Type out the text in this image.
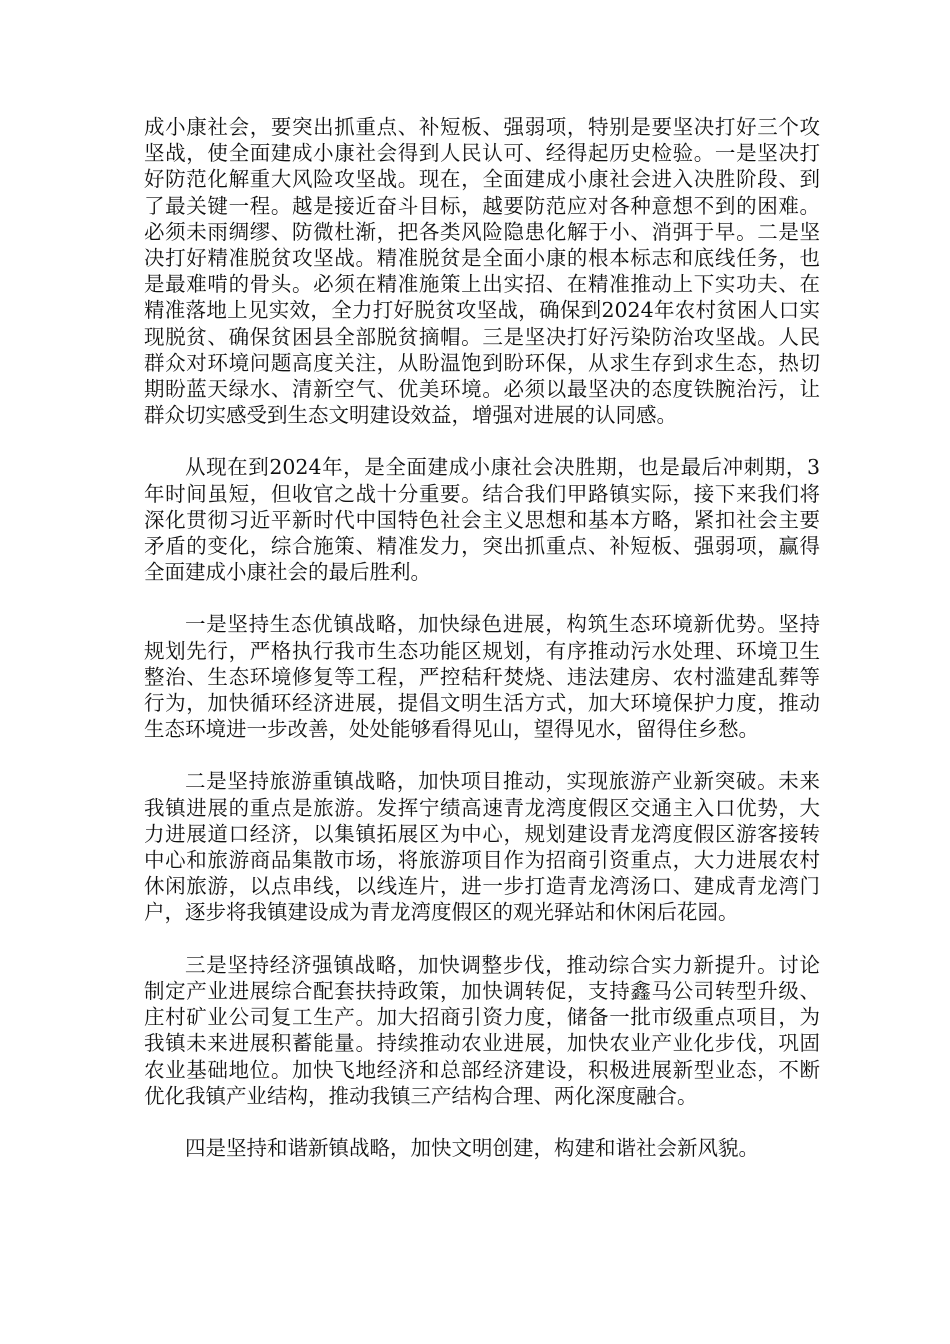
成小康社会，要突出抓重点、补短板、强弱项，特别是要坚决打好三个攻坚战，使全面建成小康社会得到人民认可、经得起历史检验。一是坚决打好防范化解重大风险攻坚战。现在，全面建成小康社会进入决胜阶段、到了最关键一程。越是接近奋斗目标，越要防范应对各种意想不到的困难。必须未雨绸缪、防微杜渐，把各类风险隐患化解于小、消弭于早。二是坚决打好精准脱贫攻坚战。精准脱贫是全面小康的根本标志和底线任务，也是最难啃的骨头。必须在精准施策上出实招、在精准推动上下实功夫、在精准落地上见实效，全力打好脱贫攻坚战，确保到2024年农村贫困人口实现脱贫、确保贫困县全部脱贫摘帽。三是坚决打好污染防治攻坚战。人民群众对环境问题高度关注，从盼温饱到盼环保，从求生存到求生态，热切期盼蓝天绿水、清新空气、优美环境。必须以最坚决的态度铁腕治污，让群众切实感受到生态文明建设效益，增强对进展的认同感。

从现在到2024年，是全面建成小康社会决胜期，也是最后冲刺期，3年时间虽短，但收官之战十分重要。结合我们甲路镇实际，接下来我们将深化贯彻习近平新时代中国特色社会主义思想和基本方略，紧扣社会主要矛盾的变化，综合施策、精准发力，突出抓重点、补短板、强弱项，赢得全面建成小康社会的最后胜利。

一是坚持生态优镇战略，加快绿色进展，构筑生态环境新优势。坚持规划先行，严格执行我市生态功能区规划，有序推动污水处理、环境卫生整治、生态环境修复等工程，严控秸秆焚烧、违法建房、农村滥建乱葬等行为，加快循环经济进展，提倡文明生活方式，加大环境保护力度，推动生态环境进一步改善，处处能够看得见山，望得见水，留得住乡愁。

二是坚持旅游重镇战略，加快项目推动，实现旅游产业新突破。未来我镇进展的重点是旅游。发挥宁绩高速青龙湾度假区交通主入口优势，大力进展道口经济，以集镇拓展区为中心，规划建设青龙湾度假区游客接转中心和旅游商品集散市场，将旅游项目作为招商引资重点，大力进展农村休闲旅游，以点串线，以线连片，进一步打造青龙湾汤口、建成青龙湾门户，逐步将我镇建设成为青龙湾度假区的观光驿站和休闲后花园。

三是坚持经济强镇战略，加快调整步伐，推动综合实力新提升。讨论制定产业进展综合配套扶持政策，加快调转促，支持鑫马公司转型升级、庄村矿业公司复工生产。加大招商引资力度，储备一批市级重点项目，为我镇未来进展积蓄能量。持续推动农业进展，加快农业产业化步伐，巩固农业基础地位。加快飞地经济和总部经济建设，积极进展新型业态，不断优化我镇产业结构，推动我镇三产结构合理、两化深度融合。

四是坚持和谐新镇战略，加快文明创建，构建和谐社会新风貌。
